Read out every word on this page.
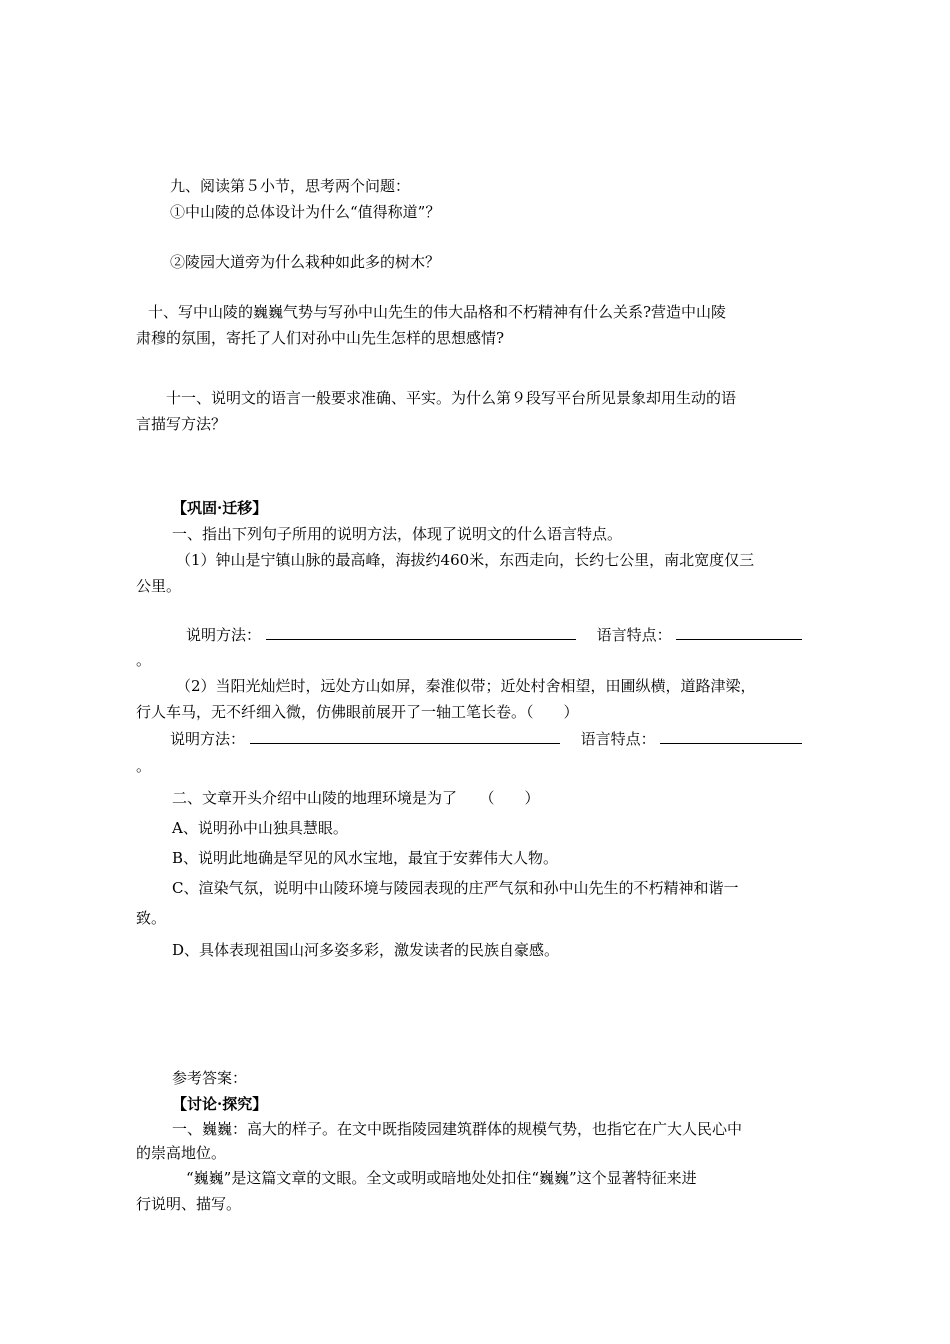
九、阅读第５小节，思考两个问题：
①中山陵的总体设计为什么“值得称道”？
②陵园大道旁为什么栽种如此多的树木？
十、写中山陵的巍巍气势与写孙中山先生的伟大品格和不朽精神有什么关系?营造中山陵
肃穆的氛围，寄托了人们对孙中山先生怎样的思想感情?
十一、说明文的语言一般要求准确、平实。为什么第９段写平台所见景象却用生动的语
言描写方法？
【巩固·迁移】
一、指出下列句子所用的说明方法，体现了说明文的什么语言特点。
（1）钟山是宁镇山脉的最高峰，海拔约460米，东西走向，长约七公里，南北宽度仅三
公里。
说明方法：	语言特点：
。
（2）当阳光灿烂时，远处方山如屏，秦淮似带；近处村舍相望，田圃纵横，道路津梁，
行人车马，无不纤细入微，仿佛眼前展开了一轴工笔长卷。（　　）
说明方法：	语言特点：
。
二、文章开头介绍中山陵的地理环境是为了　　（　　）
A、说明孙中山独具慧眼。
B、说明此地确是罕见的风水宝地，最宜于安葬伟大人物。
C、渲染气氛，说明中山陵环境与陵园表现的庄严气氛和孙中山先生的不朽精神和谐一
致。
D、具体表现祖国山河多姿多彩，激发读者的民族自豪感。
参考答案：
【讨论·探究】
一、巍巍：高大的样子。在文中既指陵园建筑群体的规模气势，也指它在广大人民心中
的崇高地位。
“巍巍”是这篇文章的文眼。全文或明或暗地处处扣住“巍巍”这个显著特征来进
行说明、描写。
